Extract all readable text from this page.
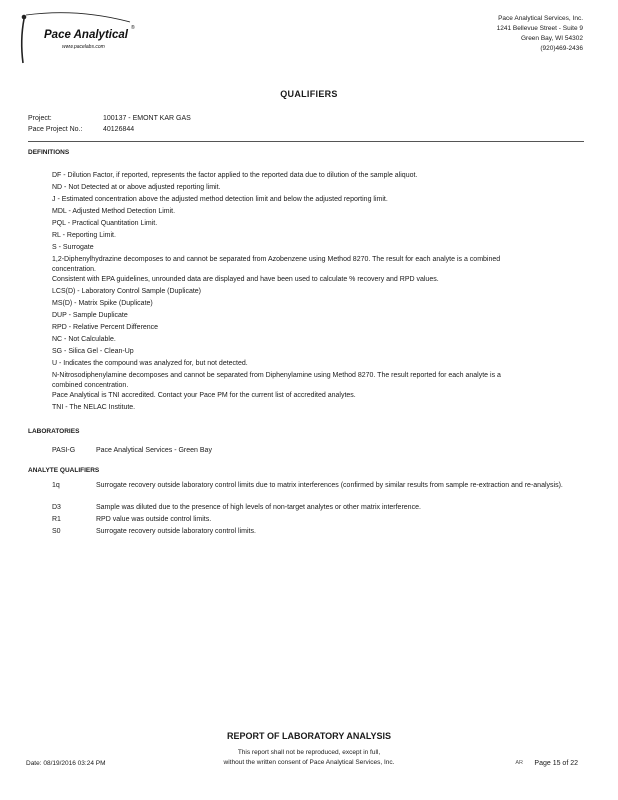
Pace Analytical
®
www.pacelabs.com
Pace Analytical Services, Inc.
1241 Bellevue Street - Suite 9
Green Bay, WI 54302
(920)469-2436
QUALIFIERS
Project:	100137 - EMONT KAR GAS
Pace Project No.:	40126844
DEFINITIONS
DF - Dilution Factor, if reported, represents the factor applied to the reported data due to dilution of the sample aliquot.
ND - Not Detected at or above adjusted reporting limit.
J - Estimated concentration above the adjusted method detection limit and below the adjusted reporting limit.
MDL - Adjusted Method Detection Limit.
PQL - Practical Quantitation Limit.
RL - Reporting Limit.
S - Surrogate
1,2-Diphenylhydrazine decomposes to and cannot be separated from Azobenzene using Method 8270. The result for each analyte is a combined concentration.
Consistent with EPA guidelines, unrounded data are displayed and have been used to calculate % recovery and RPD values.
LCS(D) - Laboratory Control Sample (Duplicate)
MS(D) - Matrix Spike (Duplicate)
DUP - Sample Duplicate
RPD - Relative Percent Difference
NC - Not Calculable.
SG - Silica Gel - Clean-Up
U - Indicates the compound was analyzed for, but not detected.
N-Nitrosodiphenylamine decomposes and cannot be separated from Diphenylamine using Method 8270. The result reported for each analyte is a combined concentration.
Pace Analytical is TNI accredited. Contact your Pace PM for the current list of accredited analytes.
TNI - The NELAC Institute.
LABORATORIES
PASI-G	Pace Analytical Services - Green Bay
ANALYTE QUALIFIERS
1q	Surrogate recovery outside laboratory control limits due to matrix interferences (confirmed by similar results from sample re-extraction and re-analysis).
D3	Sample was diluted due to the presence of high levels of non-target analytes or other matrix interference.
R1	RPD value was outside control limits.
S0	Surrogate recovery outside laboratory control limits.
REPORT OF LABORATORY ANALYSIS
This report shall not be reproduced, except in full,
without the written consent of Pace Analytical Services, Inc.
Date: 08/19/2016 03:24 PM	AR Page 15 of 22
